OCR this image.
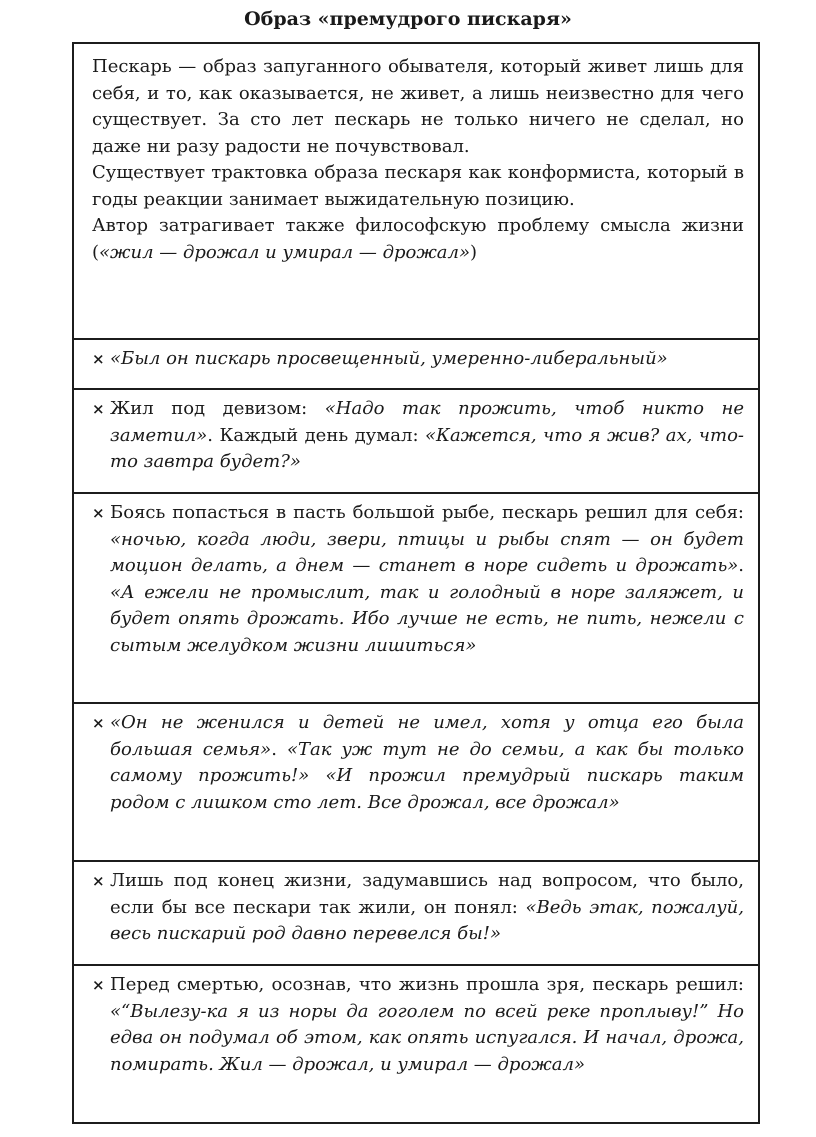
Образ «премудрого пискаря»

Пескарь — образ запуганного обывателя, который живет лишь для себя, и то, как оказывается, не живет, а лишь неизвестно для чего существует. За сто лет пескарь не только ничего не сделал, но даже ни разу радости не почувствовал.

Существует трактовка образа пескаря как конформиста, который в годы реакции занимает выжидательную позицию.

Автор затрагивает также философскую проблему смысла жизни («жил — дрожал и умирал — дрожал»)

× «Был он пискарь просвещенный, умеренно-либеральный»
× Жил под девизом: «Надо так прожить, чтоб никто не заметил». Каждый день думал: «Кажется, что я жив? ах, что-то завтра будет?»
× Боясь попасться в пасть большой рыбе, пескарь решил для себя: «ночью, когда люди, звери, птицы и рыбы спят — он будет моцион делать, а днем — станет в норе сидеть и дрожать». «А ежели не промыслит, так и голодный в норе заляжет, и будет опять дрожать. Ибо лучше не есть, не пить, нежели с сытым желудком жизни лишиться»
× «Он не женился и детей не имел, хотя у отца его была большая семья». «Так уж тут не до семьи, а как бы только самому прожить!» «И прожил премудрый пискарь таким родом с лишком сто лет. Все дрожал, все дрожал»
× Лишь под конец жизни, задумавшись над вопросом, что было, если бы все пескари так жили, он понял: «Ведь этак, пожалуй, весь пискарий род давно перевелся бы!»
× Перед смертью, осознав, что жизнь прошла зря, пескарь решил: «“Вылезу-ка я из норы да гоголем по всей реке проплыву!” Но едва он подумал об этом, как опять испугался. И начал, дрожа, помирать. Жил — дрожал, и умирал — дрожал»
